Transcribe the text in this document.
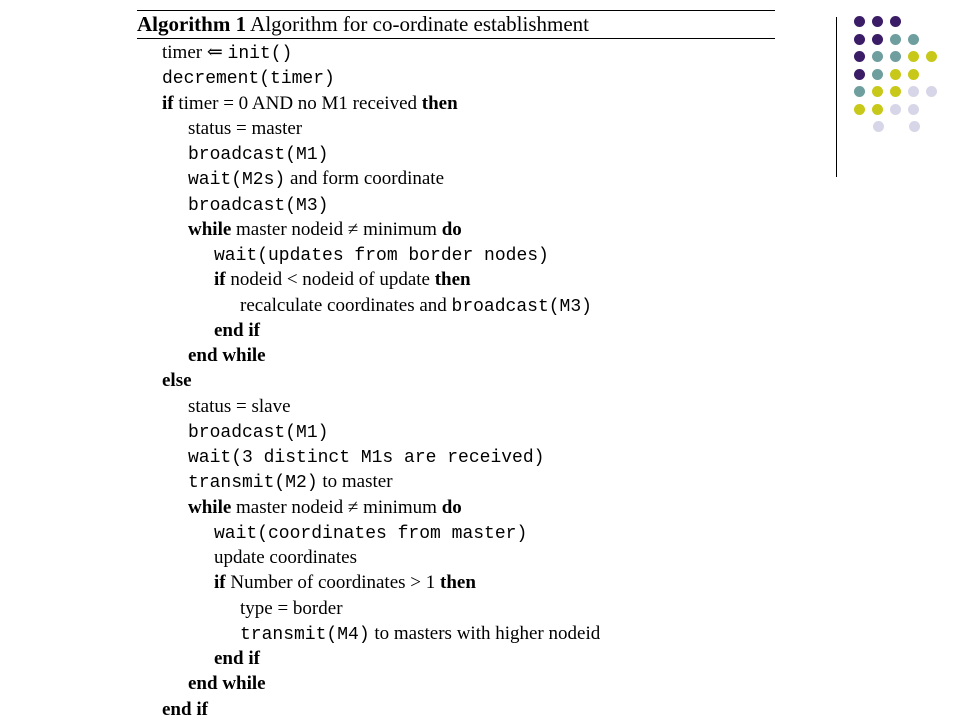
Algorithm 1 Algorithm for co-ordinate establishment
timer ⇐ init()
decrement(timer)
if timer = 0 AND no M1 received then
status = master
broadcast(M1)
wait(M2s) and form coordinate
broadcast(M3)
while master nodeid ≠ minimum do
wait(updates from border nodes)
if nodeid < nodeid of update then
recalculate coordinates and broadcast(M3)
end if
end while
else
status = slave
broadcast(M1)
wait(3 distinct M1s are received)
transmit(M2) to master
while master nodeid ≠ minimum do
wait(coordinates from master)
update coordinates
if Number of coordinates > 1 then
type = border
transmit(M4) to masters with higher nodeid
end if
end while
end if
